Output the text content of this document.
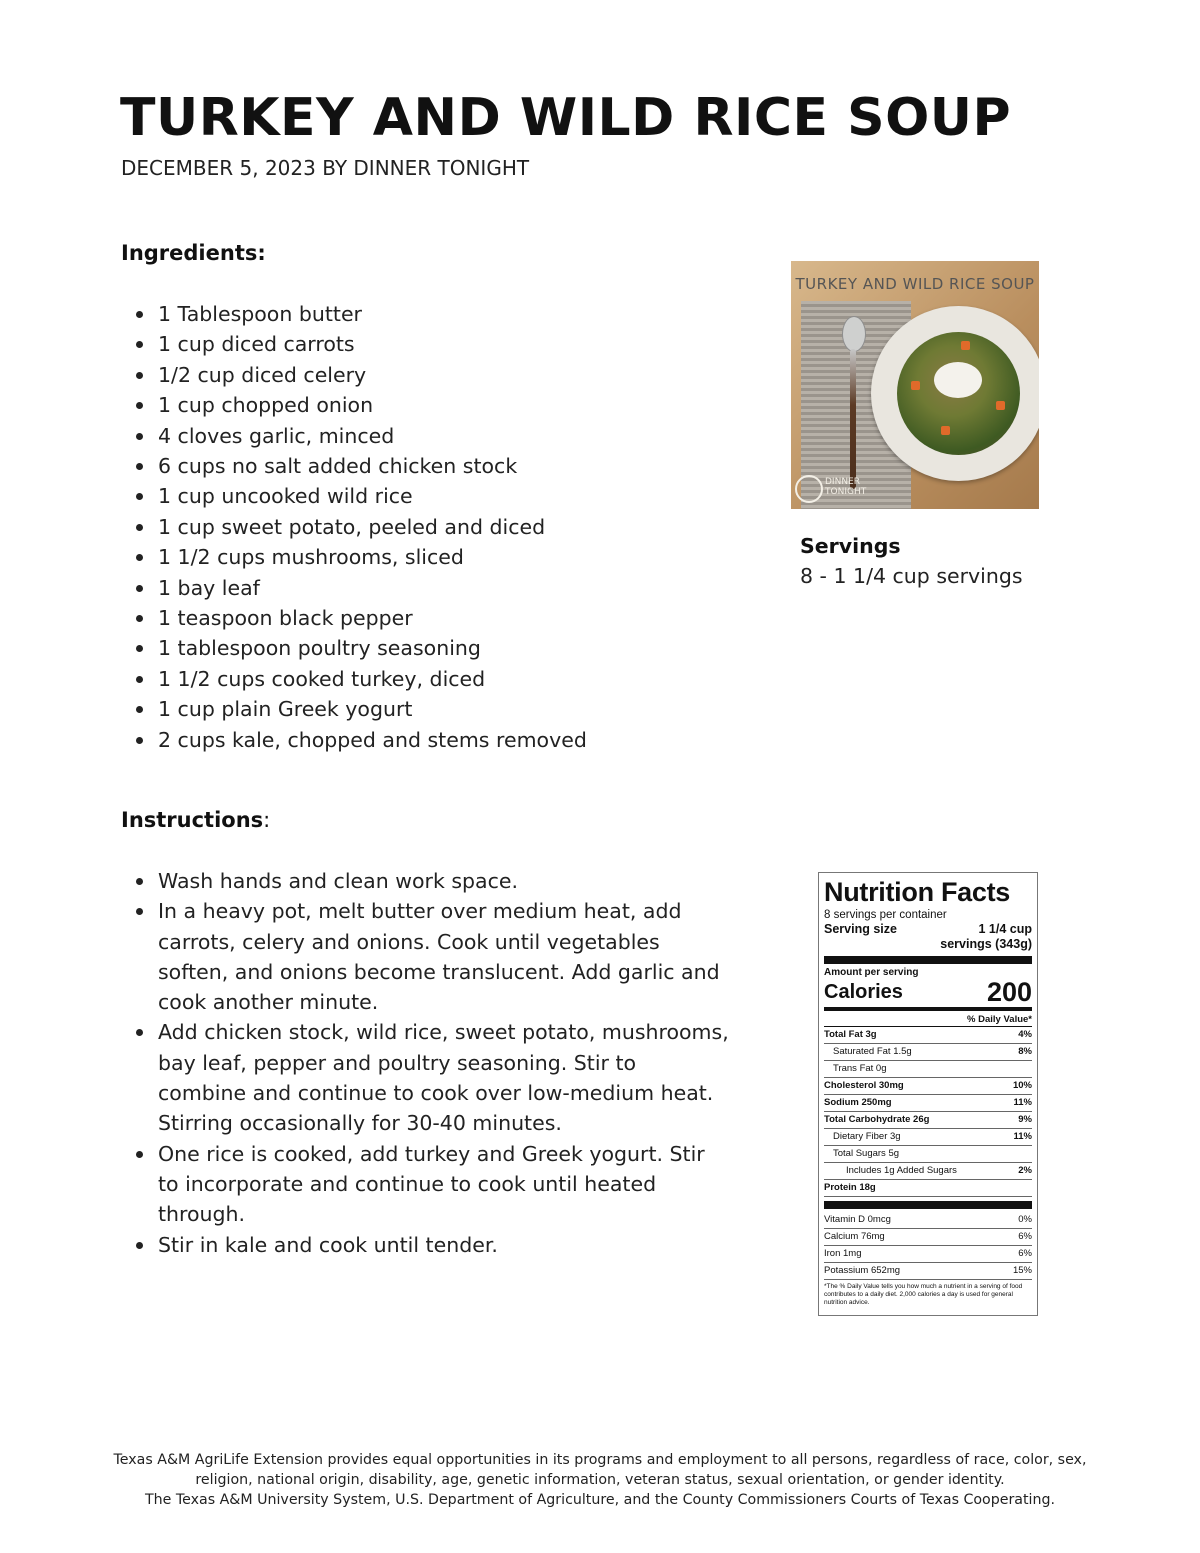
TURKEY AND WILD RICE SOUP
DECEMBER 5, 2023 BY DINNER TONIGHT
Ingredients:
1 Tablespoon butter
1 cup diced carrots
1/2 cup diced celery
1 cup chopped onion
4 cloves garlic, minced
6 cups no salt added chicken stock
1 cup uncooked wild rice
1 cup sweet potato, peeled and diced
1 1/2 cups mushrooms, sliced
1 bay leaf
1 teaspoon black pepper
1 tablespoon poultry seasoning
1 1/2 cups cooked turkey, diced
1 cup plain Greek yogurt
2 cups kale, chopped and stems removed
Instructions:
Wash hands and clean work space.
In a heavy pot, melt butter over medium heat, add carrots, celery and onions. Cook until vegetables soften, and onions become translucent. Add garlic and cook another minute.
Add chicken stock, wild rice, sweet potato, mushrooms, bay leaf, pepper and poultry seasoning. Stir to combine and continue to cook over low-medium heat. Stirring occasionally for 30-40 minutes.
One rice is cooked, add turkey and Greek yogurt. Stir to incorporate and continue to cook until heated through.
Stir in kale and cook until tender.
TURKEY AND WILD RICE SOUP
DINNER
TONIGHT
Servings
8 - 1 1/4 cup servings
Nutrition Facts
8 servings per container
Serving size	1 1/4 cup
servings (343g)
Amount per serving
Calories	200
% Daily Value*
Total Fat 3g	4%
Saturated Fat 1.5g	8%
Trans Fat 0g
Cholesterol 30mg	10%
Sodium 250mg	11%
Total Carbohydrate 26g	9%
Dietary Fiber 3g	11%
Total Sugars 5g
Includes 1g Added Sugars	2%
Protein 18g
Vitamin D 0mcg	0%
Calcium 76mg	6%
Iron 1mg	6%
Potassium 652mg	15%
*The % Daily Value tells you how much a nutrient in a serving of food contributes to a daily diet. 2,000 calories a day is used for general nutrition advice.
Texas A&M AgriLife Extension provides equal opportunities in its programs and employment to all persons, regardless of race, color, sex,
religion, national origin, disability, age, genetic information, veteran status, sexual orientation, or gender identity.
The Texas A&M University System, U.S. Department of Agriculture, and the County Commissioners Courts of Texas Cooperating.
